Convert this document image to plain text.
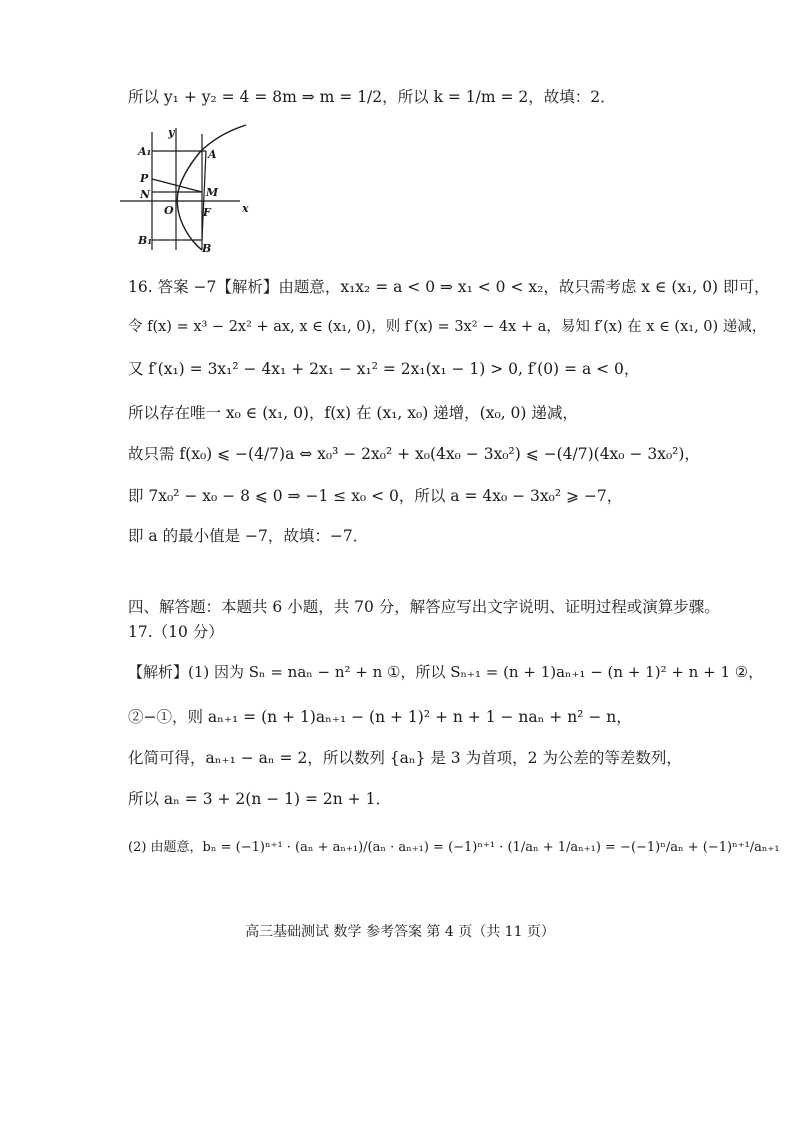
所以 y₁ + y₂ = 4 = 8m ⇒ m = 1/2，所以 k = 1/m = 2，故填：2．
y
x
O
A₁	A
P
N	M
F
B₁
B
16. 答案 −7【解析】由题意，x₁x₂ = a < 0 ⇒ x₁ < 0 < x₂，故只需考虑 x ∈ (x₁, 0) 即可，
令 f(x) = x³ − 2x² + ax, x ∈ (x₁, 0)，则 f′(x) = 3x² − 4x + a，易知 f′(x) 在 x ∈ (x₁, 0) 递减，
又 f′(x₁) = 3x₁² − 4x₁ + 2x₁ − x₁² = 2x₁(x₁ − 1) > 0, f′(0) = a < 0，
所以存在唯一 x₀ ∈ (x₁, 0)，f(x) 在 (x₁, x₀) 递增，(x₀, 0) 递减，
故只需 f(x₀) ⩽ −(4/7)a ⇔ x₀³ − 2x₀² + x₀(4x₀ − 3x₀²) ⩽ −(4/7)(4x₀ − 3x₀²)，
即 7x₀² − x₀ − 8 ⩽ 0 ⇒ −1 ≤ x₀ < 0，所以 a = 4x₀ − 3x₀² ⩾ −7，
即 a 的最小值是 −7，故填：−7．
四、解答题：本题共 6 小题，共 70 分，解答应写出文字说明、证明过程或演算步骤。
17.（10 分）
【解析】(1) 因为 Sₙ = naₙ − n² + n ①，所以 Sₙ₊₁ = (n + 1)aₙ₊₁ − (n + 1)² + n + 1 ②，
②−①，则 aₙ₊₁ = (n + 1)aₙ₊₁ − (n + 1)² + n + 1 − naₙ + n² − n，
化简可得，aₙ₊₁ − aₙ = 2，所以数列 {aₙ} 是 3 为首项，2 为公差的等差数列，
所以 aₙ = 3 + 2(n − 1) = 2n + 1．
(2) 由题意，bₙ = (−1)ⁿ⁺¹ · (aₙ + aₙ₊₁)/(aₙ · aₙ₊₁) = (−1)ⁿ⁺¹ · (1/aₙ + 1/aₙ₊₁) = −(−1)ⁿ/aₙ + (−1)ⁿ⁺¹/aₙ₊₁
高三基础测试 数学 参考答案 第 4 页（共 11 页）
